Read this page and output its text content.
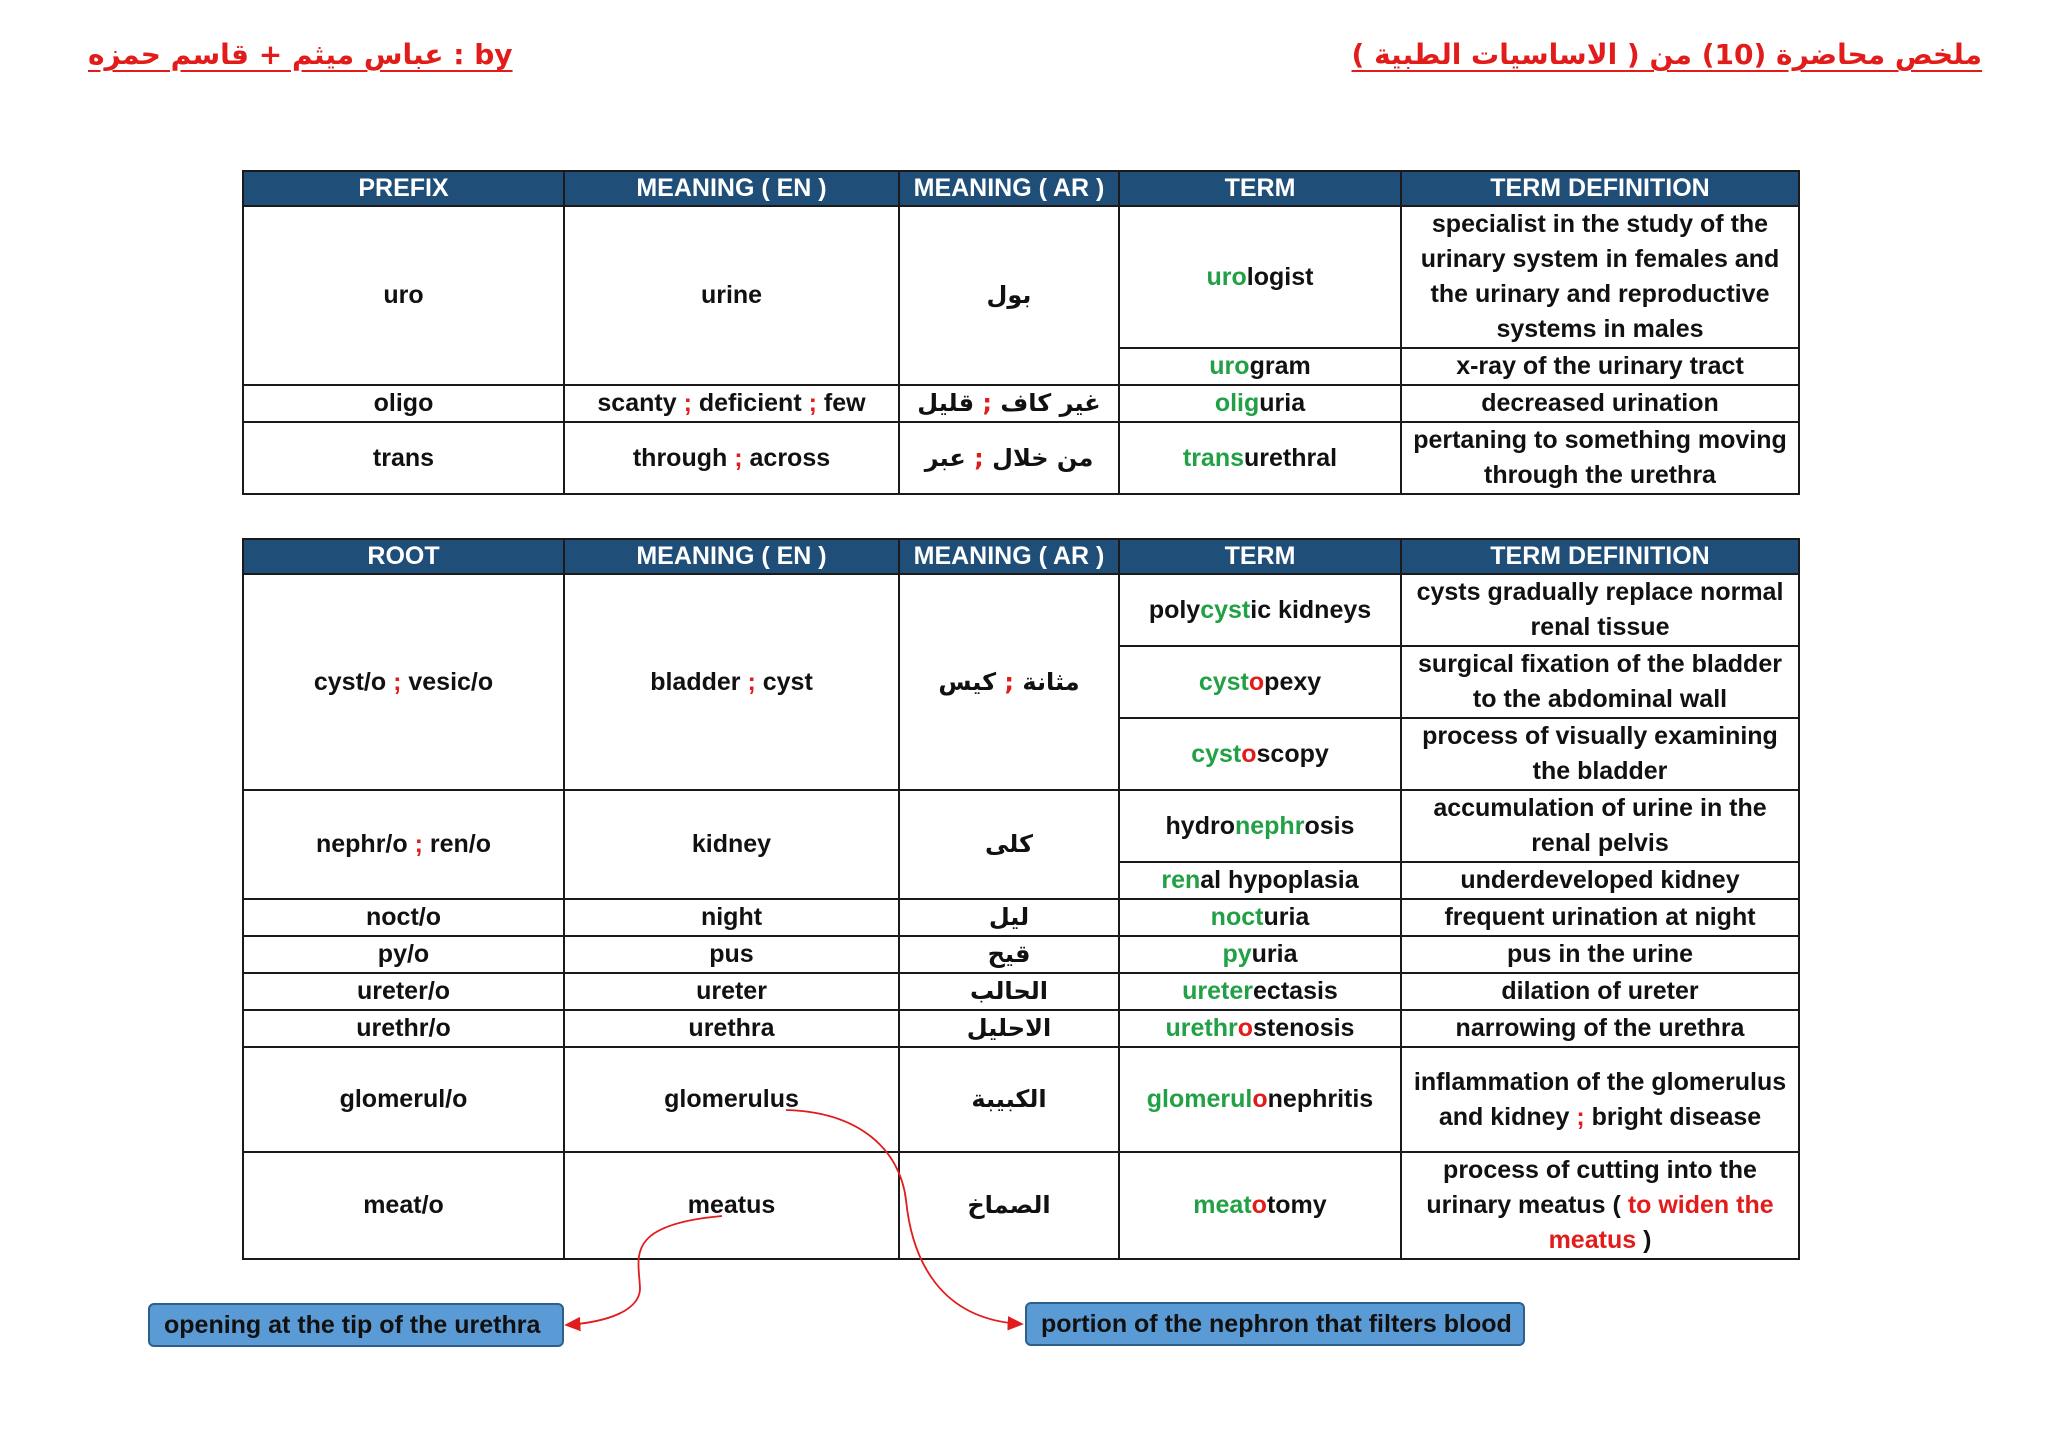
عباس ميثم + قاسم حمزه : by	ملخص محاضرة (10) من ( الاساسيات الطبية )
PREFIX	MEANING ( EN )	MEANING ( AR )	TERM	TERM DEFINITION
uro	urine	بول	urologist	specialist in the study of the urinary system in females and the urinary and reproductive systems in males
			urogram	x-ray of the urinary tract
oligo	scanty ; deficient ; few	غير كاف ; قليل	oliguria	decreased urination
trans	through ; across	من خلال ; عبر	transurethral	pertaning to something moving through the urethra
ROOT	MEANING ( EN )	MEANING ( AR )	TERM	TERM DEFINITION
cyst/o ; vesic/o	bladder ; cyst	مثانة ; كيس	polycystic kidneys	cysts gradually replace normal renal tissue
			cystopexy	surgical fixation of the bladder to the abdominal wall
			cystoscopy	process of visually examining the bladder
nephr/o ; ren/o	kidney	كلى	hydronephrosis	accumulation of urine in the renal pelvis
			renal hypoplasia	underdeveloped kidney
noct/o	night	ليل	nocturia	frequent urination at night
py/o	pus	قيح	pyuria	pus in the urine
ureter/o	ureter	الحالب	ureterectasis	dilation of ureter
urethr/o	urethra	الاحليل	urethrostenosis	narrowing of the urethra
glomerul/o	glomerulus	الكبيبة	glomerulonephritis	inflammation of the glomerulus and kidney ; bright disease
meat/o	meatus	الصماخ	meatotomy	process of cutting into the urinary meatus ( to widen the meatus )
opening at the tip of the urethra	portion of the nephron that filters blood
